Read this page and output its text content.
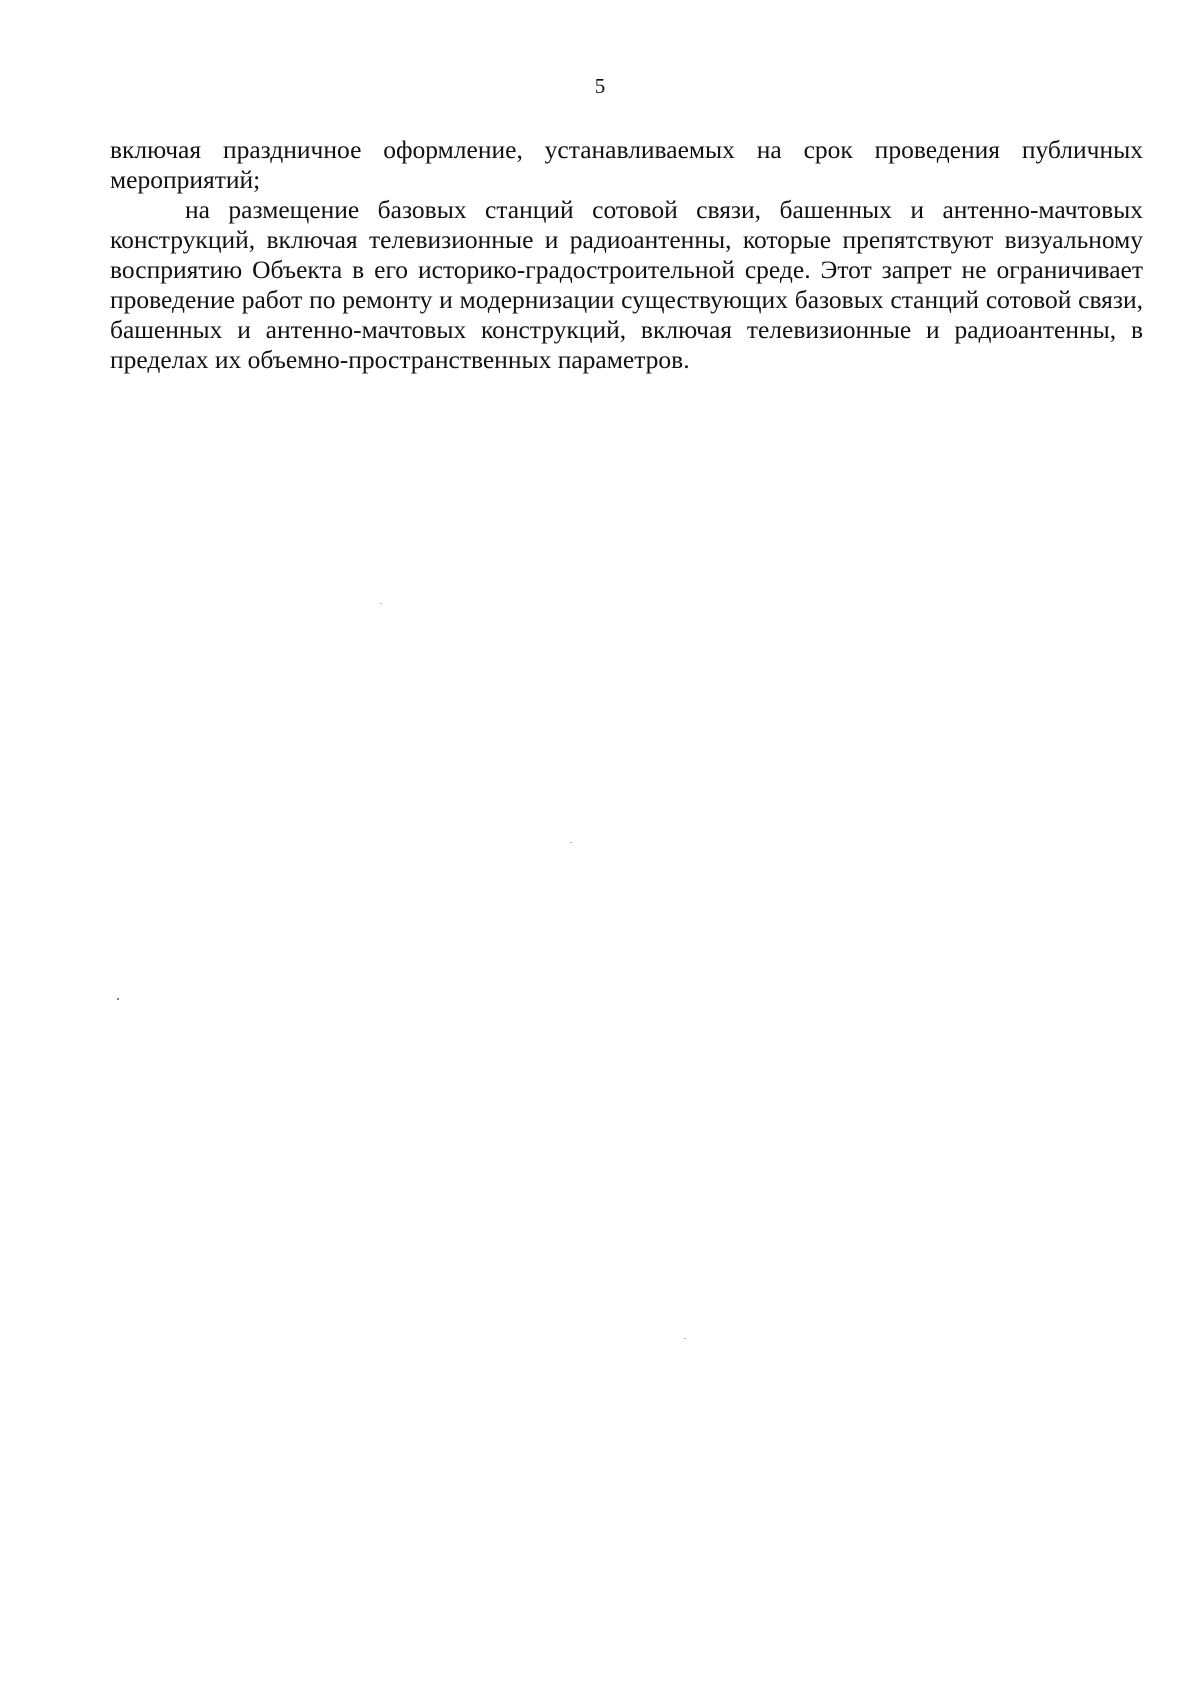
5

включая праздничное оформление, устанавливаемых на срок проведения публичных мероприятий;

на размещение базовых станций сотовой связи, башенных и антенно-мачтовых конструкций, включая телевизионные и радиоантенны, которые препятствуют визуальному восприятию Объекта в его историко-градостроительной среде. Этот запрет не ограничивает проведение работ по ремонту и модернизации существующих базовых станций сотовой связи, башенных и антенно-мачтовых конструкций, включая телевизионные и радиоантенны, в пределах их объемно-пространственных параметров.
